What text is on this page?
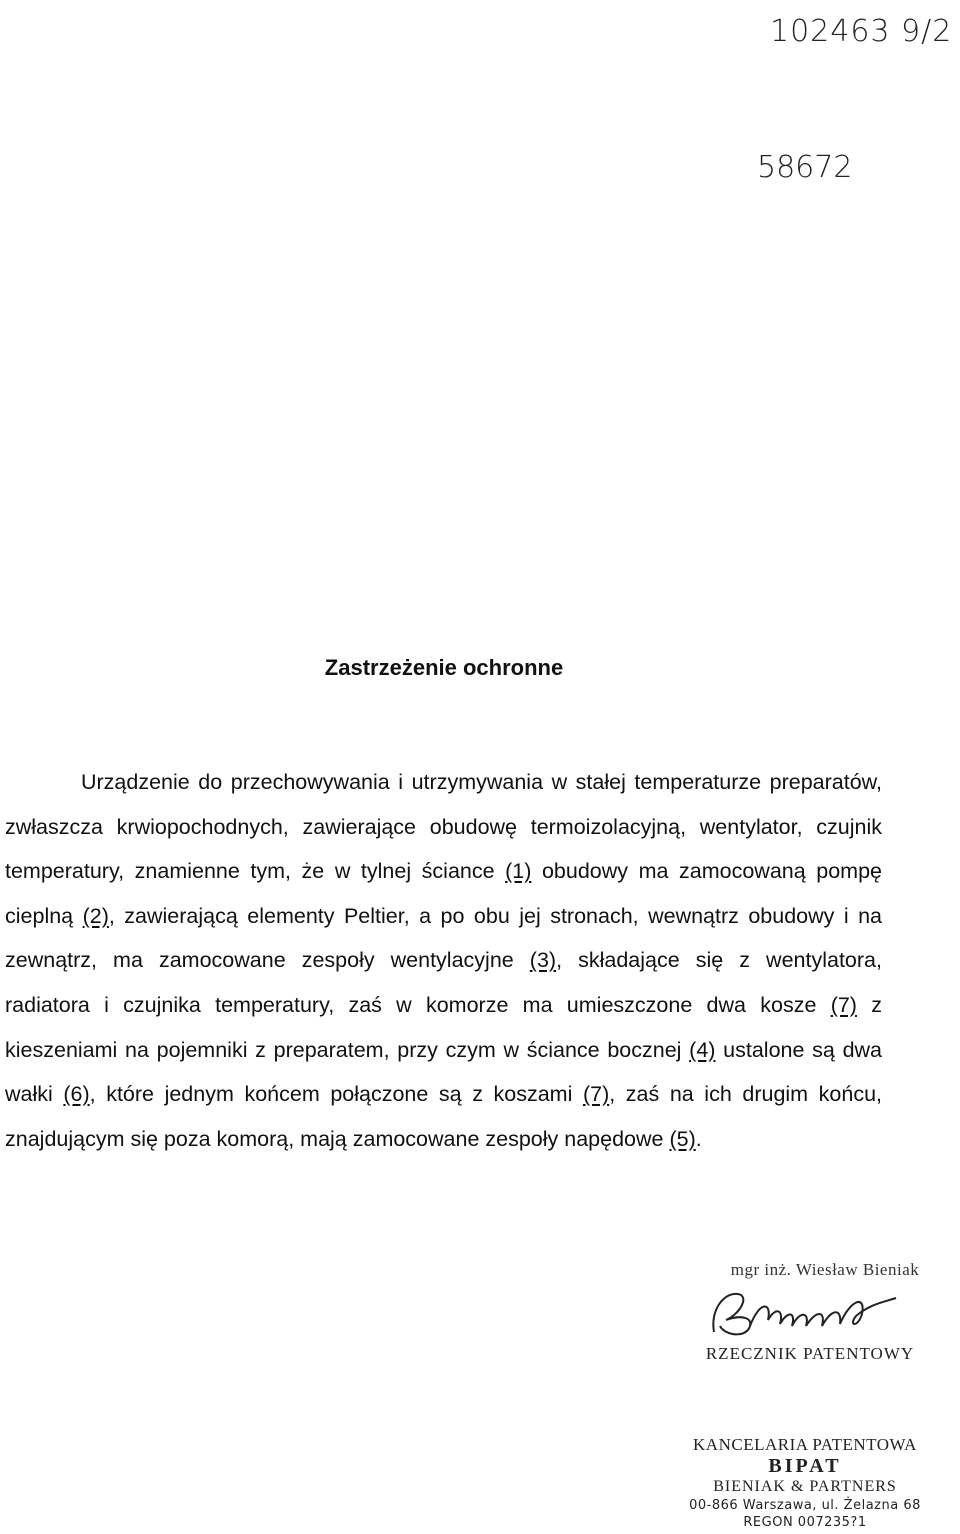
102463 9/2
58672
Zastrzeżenie ochronne

Urządzenie do przechowywania i utrzymywania w stałej temperaturze preparatów, zwłaszcza krwiopochodnych, zawierające obudowę termoizolacyjną, wentylator, czujnik temperatury, znamienne tym, że w tylnej ściance (1) obudowy ma zamocowaną pompę cieplną (2), zawierającą elementy Peltier, a po obu jej stronach, wewnątrz obudowy i na zewnątrz, ma zamocowane zespoły wentylacyjne (3), składające się z wentylatora, radiatora i czujnika temperatury, zaś w komorze ma umieszczone dwa kosze (7) z kieszeniami na pojemniki z preparatem, przy czym w ściance bocznej (4) ustalone są dwa wałki (6), które jednym końcem połączone są z koszami (7), zaś na ich drugim końcu, znajdującym się poza komorą, mają zamocowane zespoły napędowe (5).

mgr inż. Wiesław Bieniak
RZECZNIK PATENTOWY
KANCELARIA PATENTOWA
BIPAT
BIENIAK & PARTNERS
00-866 Warszawa, ul. Żelazna 68
REGON 007235?1
